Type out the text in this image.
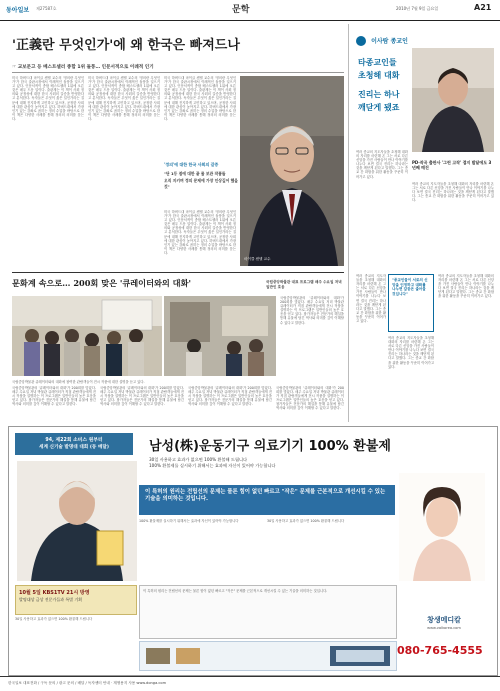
동아일보 제27587호	문학	2010년 7월 9일 금요일	A21
'正義란 무엇인가'에 왜 한국은 빠져드나
☞ 교보문고 등 베스트셀러 종합 1위 돌풍… 인문서적으로 이례적 인기
미국 하버드대 마이클 샌델 교수의 '정의란 무엇인가'가 한국 출판시장에서 이례적인 돌풍을 일으키고 있다. 인문서적이 종합 베스트셀러 1위에 오른 것은 매우 드문 일이다. 출판계는 이 책이 사회 정의와 공정성에 대한 한국 사회의 갈증을 반영한다고 분석한다. 독자들은 무엇이 옳은 일인가라는 질문에 대해 진지하게 고민하고 있으며, 공정한 사회에 대한 관심이 높아지고 있다. 하버드대에서 가장 인기 있는 강좌로 꼽히는 정의 수업을 바탕으로 한 이 책은 다양한 사례를 통해 정의의 의미를 묻는다.
미국 하버드대 마이클 샌델 교수의 '정의란 무엇인가'가 한국 출판시장에서 이례적인 돌풍을 일으키고 있다. 인문서적이 종합 베스트셀러 1위에 오른 것은 매우 드문 일이다. 출판계는 이 책이 사회 정의와 공정성에 대한 한국 사회의 갈증을 반영한다고 분석한다. 독자들은 무엇이 옳은 일인가라는 질문에 대해 진지하게 고민하고 있으며, 공정한 사회에 대한 관심이 높아지고 있다. 하버드대에서 가장 인기 있는 강좌로 꼽히는 정의 수업을 바탕으로 한 이 책은 다양한 사례를 통해 정의의 의미를 묻는다.
미국 하버드대 마이클 샌델 교수의 '정의란 무엇인가'가 한국 출판시장에서 이례적인 돌풍을 일으키고 있다. 인문서적이 종합 베스트셀러 1위에 오른 것은 매우 드문 일이다. 출판계는 이 책이 사회 정의와 공정성에 대한 한국 사회의 갈증을 반영한다고 분석한다. 독자들은 무엇이 옳은 일인가라는 질문에 대해 진지하게 고민하고 있으며, 공정한 사회에 대한 관심이 높아지고 있다. 하버드대에서 가장 인기 있는 강좌로 꼽히는 정의 수업을 바탕으로 한 이 책은 다양한 사례를 통해 정의의 의미를 묻는다.
미국 하버드대 마이클 샌델 교수의 '정의란 무엇인가'가 한국 출판시장에서 이례적인 돌풍을 일으키고 있다. 인문서적이 종합 베스트셀러 1위에 오른 것은 매우 드문 일이다. 출판계는 이 책이 사회 정의와 공정성에 대한 한국 사회의 갈증을 반영한다고 분석한다. 독자들은 무엇이 옳은 일인가라는 질문에 대해 진지하게 고민하고 있으며, 공정한 사회에 대한 관심이 높아지고 있다. 하버드대에서 가장 인기 있는 강좌로 꼽히는 정의 수업을 바탕으로 한 이 책은 다양한 사례를 통해 정의의 의미를 묻는다.
'정의'에 대한 한국 사회의 갈증
"단 1등 점에 대한 끝 물 보관 작품들
오직 지키며 정의 문제에 가장 인상깊어 했을 것"
마이클 샌델 교수
문화계 속으로… 200회 맞은 '큐레이터와의 대화'	국립중앙박물관 대표 프로그램 매주 수요일 저녁 일반인 호응
국립중앙박물관의 '큐레이터와의 대화'가 200회를 맞았다. 매주 수요일 저녁 박물관 큐레이터가 직접 관람객들에게 전시 작품을 설명하는 이 프로그램은 일반인들의 높은 호응을 얻고 있다. 참가자들은 전문가의 해설을 통해 유물에 담긴 역사와 의미를 깊이 이해할 수 있다고 말한다.
국립중앙박물관 큐레이터와의 대화에 참여한 관람객들이 전시 작품에 대한 설명을 듣고 있다.
국립중앙박물관의 '큐레이터와의 대화'가 200회를 맞았다. 매주 수요일 저녁 박물관 큐레이터가 직접 관람객들에게 전시 작품을 설명하는 이 프로그램은 일반인들의 높은 호응을 얻고 있다. 참가자들은 전문가의 해설을 통해 유물에 담긴 역사와 의미를 깊이 이해할 수 있다고 말한다.
국립중앙박물관의 '큐레이터와의 대화'가 200회를 맞았다. 매주 수요일 저녁 박물관 큐레이터가 직접 관람객들에게 전시 작품을 설명하는 이 프로그램은 일반인들의 높은 호응을 얻고 있다. 참가자들은 전문가의 해설을 통해 유물에 담긴 역사와 의미를 깊이 이해할 수 있다고 말한다.
국립중앙박물관의 '큐레이터와의 대화'가 200회를 맞았다. 매주 수요일 저녁 박물관 큐레이터가 직접 관람객들에게 전시 작품을 설명하는 이 프로그램은 일반인들의 높은 호응을 얻고 있다. 참가자들은 전문가의 해설을 통해 유물에 담긴 역사와 의미를 깊이 이해할 수 있다고 말한다.
국립중앙박물관의 '큐레이터와의 대화'가 200회를 맞았다. 매주 수요일 저녁 박물관 큐레이터가 직접 관람객들에게 전시 작품을 설명하는 이 프로그램은 일반인들의 높은 호응을 얻고 있다. 참가자들은 전문가의 해설을 통해 유물에 담긴 역사와 의미를 깊이 이해할 수 있다고 말한다.
이사람 종교인
타종교인들
초청해 대화
진리는 하나
깨닫게 됐죠
PD·작곡 출판사 '그린 고작' 접지 발달에도 3년째 매진
여러 종교의 지도자들을 초청해 대화의 자리를 마련해 온 그는 서로 다른 신앙을 가진 사람들이 만나 이야기를 나누다 보면 결국 진리는 하나라는 것을 깨닫게 된다고 말했다. 그는 종교 간 화합을 위한 활동을 꾸준히 이어가고 있다.
여러 종교의 지도자들을 초청해 대화의 자리를 마련해 온 그는 서로 다른 신앙을 가진 사람들이 만나 이야기를 나누다 보면 결국 진리는 하나라는 것을 깨닫게 된다고 말했다. 그는 종교 간 화합을 위한 활동을 꾸준히 이어가고 있다.
"종교인들이 서로의 신앙을 인정하고 대화를 나누면 갈등은 줄어들 것입니다"
여러 종교의 지도자들을 초청해 대화의 자리를 마련해 온 그는 서로 다른 신앙을 가진 사람들이 만나 이야기를 나누다 보면 결국 진리는 하나라는 것을 깨닫게 된다고 말했다. 그는 종교 간 화합을 위한 활동을 꾸준히 이어가고 있다.
여러 종교의 지도자들을 초청해 대화의 자리를 마련해 온 그는 서로 다른 신앙을 가진 사람들이 만나 이야기를 나누다 보면 결국 진리는 하나라는 것을 깨닫게 된다고 말했다. 그는 종교 간 화합을 위한 활동을 꾸준히 이어가고 있다.
여러 종교의 지도자들을 초청해 대화의 자리를 마련해 온 그는 서로 다른 신앙을 가진 사람들이 만나 이야기를 나누다 보면 결국 진리는 하나라는 것을 깨닫게 된다고 말했다. 그는 종교 간 화합을 위한 활동을 꾸준히 이어가고 있다.
94, 제22회 소비스 원부터
세계 신기술 발명대 대회 (동 메달)	남성(株)운동기구 의료기기 100% 환불제
30일 사용하고 효과가 없으면 100% 환불해 드립니다
100% 환불제를 실시하기 위해서는 효과에 자신이 있어야 가능합니다
이 특허의 원리는 전립선의 문제는 물론 힘이 없던 빠르고 "작은" 문제를 근본적으로 개선시킬 수 있는 기술을 의미하는 것입니다.
100% 환불제를 실시하기 위해서는 효과에 자신이 있어야 가능합니다	30일 사용하고 효과가 없으면 100% 환불해 드립니다
10월 5일 KBS1TV 21시 방영
발명대상 금상 전문가들과 특별 기획
30일 사용하고 효과가 없으면 100% 환불해 드립니다
이 특허의 원리는 전립선의 문제는 물론 힘이 없던 빠르고 "작은" 문제를 근본적으로 개선시킬 수 있는 기술을 의미하는 것입니다.
창생메디칼
www.valkorea.com
080-765-4555
한국일보 대표전화 / 구독 문의 / 광고 문의 / 배달 / 독자센터 안내 · 재생용지 사용 www.donga.com
